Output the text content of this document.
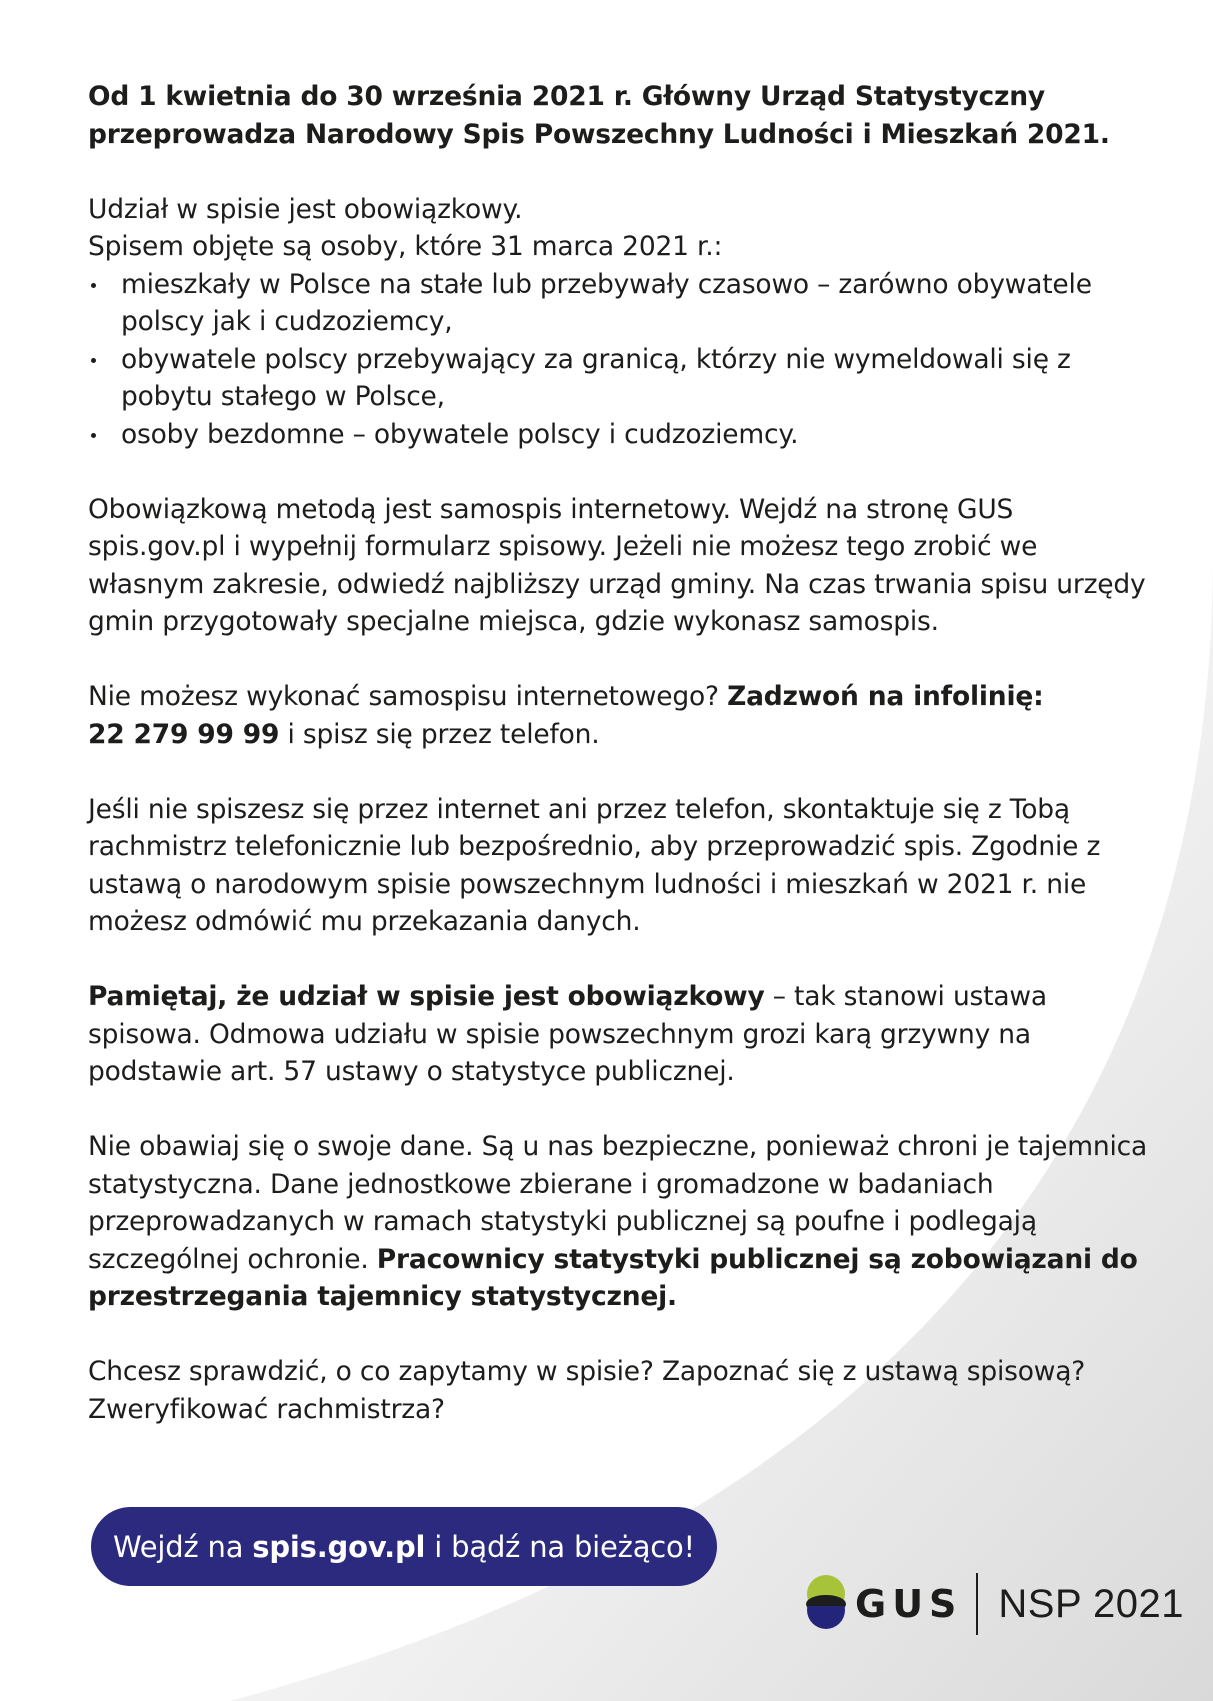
Od 1 kwietnia do 30 września 2021 r. Główny Urząd Statystyczny
przeprowadza Narodowy Spis Powszechny Ludności i Mieszkań 2021.

Udział w spisie jest obowiązkowy.
Spisem objęte są osoby, które 31 marca 2021 r.:

mieszkały w Polsce na stałe lub przebywały czasowo – zarówno obywatele polscy jak i cudzoziemcy,
obywatele polscy przebywający za granicą, którzy nie wymeldowali się z pobytu stałego w Polsce,
osoby bezdomne – obywatele polscy i cudzoziemcy.

Obowiązkową metodą jest samospis internetowy. Wejdź na stronę GUS spis.gov.pl i wypełnij formularz spisowy. Jeżeli nie możesz tego zrobić we własnym zakresie, odwiedź najbliższy urząd gminy. Na czas trwania spisu urzędy gmin przygotowały specjalne miejsca, gdzie wykonasz samospis.

Nie możesz wykonać samospisu internetowego? Zadzwoń na infolinię:
22 279 99 99 i spisz się przez telefon.

Jeśli nie spiszesz się przez internet ani przez telefon, skontaktuje się z Tobą rachmistrz telefonicznie lub bezpośrednio, aby przeprowadzić spis. Zgodnie z ustawą o narodowym spisie powszechnym ludności i mieszkań w 2021 r. nie możesz odmówić mu przekazania danych.

Pamiętaj, że udział w spisie jest obowiązkowy – tak stanowi ustawa spisowa. Odmowa udziału w spisie powszechnym grozi karą grzywny na podstawie art. 57 ustawy o statystyce publicznej.

Nie obawiaj się o swoje dane. Są u nas bezpieczne, ponieważ chroni je tajemnica statystyczna. Dane jednostkowe zbierane i gromadzone w badaniach przeprowadzanych w ramach statystyki publicznej są poufne i podlegają szczególnej ochronie. Pracownicy statystyki publicznej są zobowiązani do przestrzegania tajemnicy statystycznej.

Chcesz sprawdzić, o co zapytamy w spisie? Zapoznać się z ustawą spisową? Zweryfikować rachmistrza?

Wejdź na spis.gov.pl i bądź na bieżąco!
GUS NSP 2021
